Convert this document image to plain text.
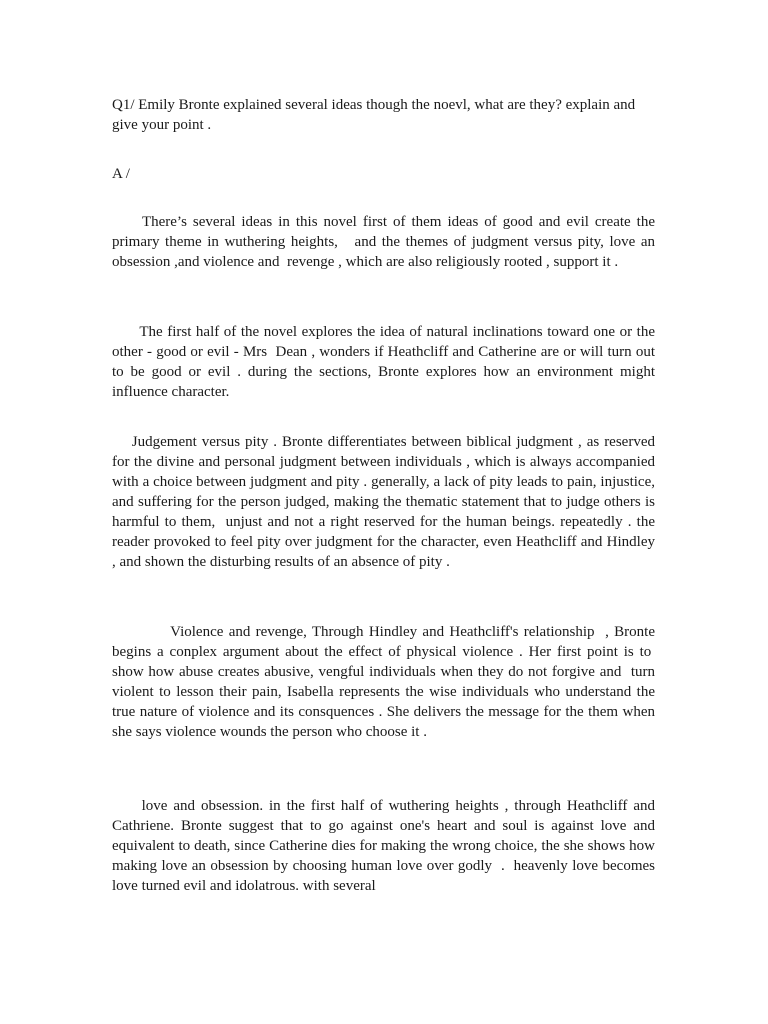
Q1/ Emily Bronte explained several ideas though the noevl, what are they? explain and give your point .

A /

There’s several ideas in this novel first of them ideas of good and evil create the primary theme in wuthering heights,   and the themes of judgment versus pity, love an obsession ,and violence and  revenge , which are also religiously rooted , support it .

The first half of the novel explores the idea of natural inclinations toward one or the other - good or evil - Mrs  Dean , wonders if Heathcliff and Catherine are or will turn out to be good or evil . during the sections, Bronte explores how an environment might influence character.

Judgement versus pity . Bronte differentiates between biblical judgment , as reserved for the divine and personal judgment between individuals , which is always accompanied with a choice between judgment and pity . generally, a lack of pity leads to pain, injustice, and suffering for the person judged, making the thematic statement that to judge others is harmful to them,  unjust and not a right reserved for the human beings. repeatedly . the reader provoked to feel pity over judgment for the character, even Heathcliff and Hindley , and shown the disturbing results of an absence of pity .

Violence and revenge, Through Hindley and Heathcliff's relationship  , Bronte begins a conplex argument about the effect of physical violence . Her first point is to  show how abuse creates abusive, vengful individuals when they do not forgive and  turn violent to lesson their pain, Isabella represents the wise individuals who understand the true nature of violence and its consquences . She delivers the message for the them when she says violence wounds the person who choose it .

love and obsession. in the first half of wuthering heights , through Heathcliff and Cathriene. Bronte suggest that to go against one's heart and soul is against love and equivalent to death, since Catherine dies for making the wrong choice, the she shows how making love an obsession by choosing human love over godly  .  heavenly love becomes love turned evil and idolatrous. with several
